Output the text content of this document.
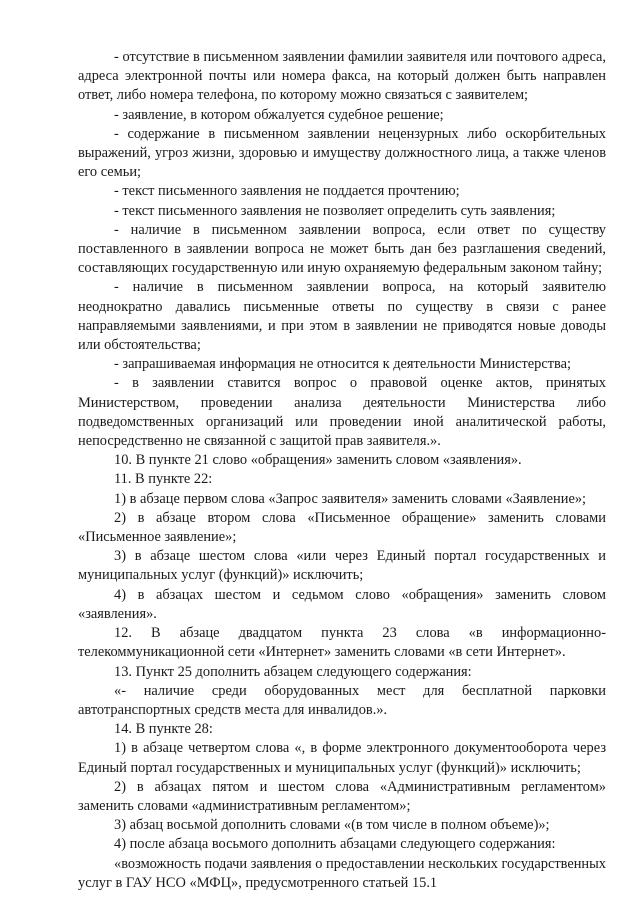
- отсутствие в письменном заявлении фамилии заявителя или почтового адреса, адреса электронной почты или номера факса, на который должен быть направлен ответ, либо номера телефона, по которому можно связаться с заявителем;

- заявление, в котором обжалуется судебное решение;

- содержание в письменном заявлении нецензурных либо оскорбительных выражений, угроз жизни, здоровью и имуществу должностного лица, а также членов его семьи;

- текст письменного заявления не поддается прочтению;

- текст письменного заявления не позволяет определить суть заявления;

- наличие в письменном заявлении вопроса, если ответ по существу поставленного в заявлении вопроса не может быть дан без разглашения сведений, составляющих государственную или иную охраняемую федеральным законом тайну;

- наличие в письменном заявлении вопроса, на который заявителю неоднократно давались письменные ответы по существу в связи с ранее направляемыми заявлениями, и при этом в заявлении не приводятся новые доводы или обстоятельства;

- запрашиваемая информация не относится к деятельности Министерства;

- в заявлении ставится вопрос о правовой оценке актов, принятых Министерством, проведении анализа деятельности Министерства либо подведомственных организаций или проведении иной аналитической работы, непосредственно не связанной с защитой прав заявителя.».

10. В пункте 21 слово «обращения» заменить словом «заявления».

11. В пункте 22:

1) в абзаце первом слова «Запрос заявителя» заменить словами «Заявление»;

2) в абзаце втором слова «Письменное обращение» заменить словами «Письменное заявление»;

3) в абзаце шестом слова «или через Единый портал государственных и муниципальных услуг (функций)» исключить;

4) в абзацах шестом и седьмом слово «обращения» заменить словом «заявления».

12. В абзаце двадцатом пункта 23 слова «в информационно-телекоммуникационной сети «Интернет» заменить словами «в сети Интернет».

13. Пункт 25 дополнить абзацем следующего содержания:

«- наличие среди оборудованных мест для бесплатной парковки автотранспортных средств места для инвалидов.».

14. В пункте 28:

1) в абзаце четвертом слова «, в форме электронного документооборота через Единый портал государственных и муниципальных услуг (функций)» исключить;

2) в абзацах пятом и шестом слова «Административным регламентом» заменить словами «административным регламентом»;

3) абзац восьмой дополнить словами «(в том числе в полном объеме)»;

4) после абзаца восьмого дополнить абзацами следующего содержания:

«возможность подачи заявления о предоставлении нескольких государственных услуг в ГАУ НСО «МФЦ», предусмотренного статьей 15.1
